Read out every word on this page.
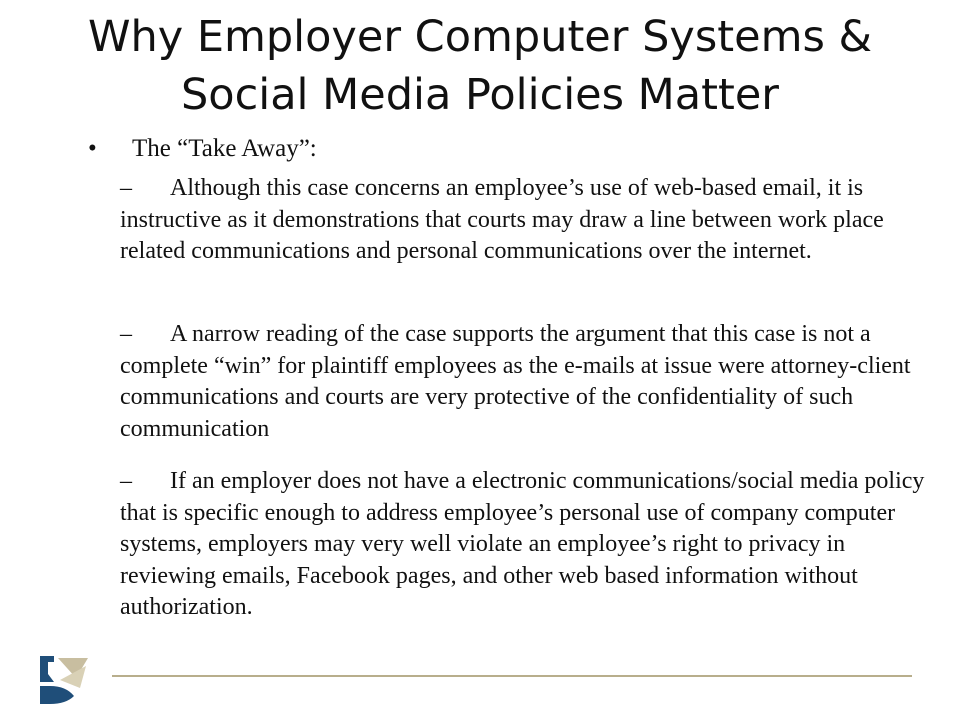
Why Employer Computer Systems &
Social Media Policies Matter
• The “Take Away”:
– Although this case concerns an employee’s use of web-based email, it is instructive as it demonstrations that courts may draw a line between work place related communications and personal communications over the internet.
– A narrow reading of the case supports the argument that this case is not a complete “win” for plaintiff employees as the e-mails at issue were attorney-client communications and courts are very protective of the confidentiality of such communication
– If an employer does not have a electronic communications/social media policy that is specific enough to address employee’s personal use of company computer systems, employers may very well violate an employee’s right to privacy in reviewing emails, Facebook pages, and other web based information without authorization.
